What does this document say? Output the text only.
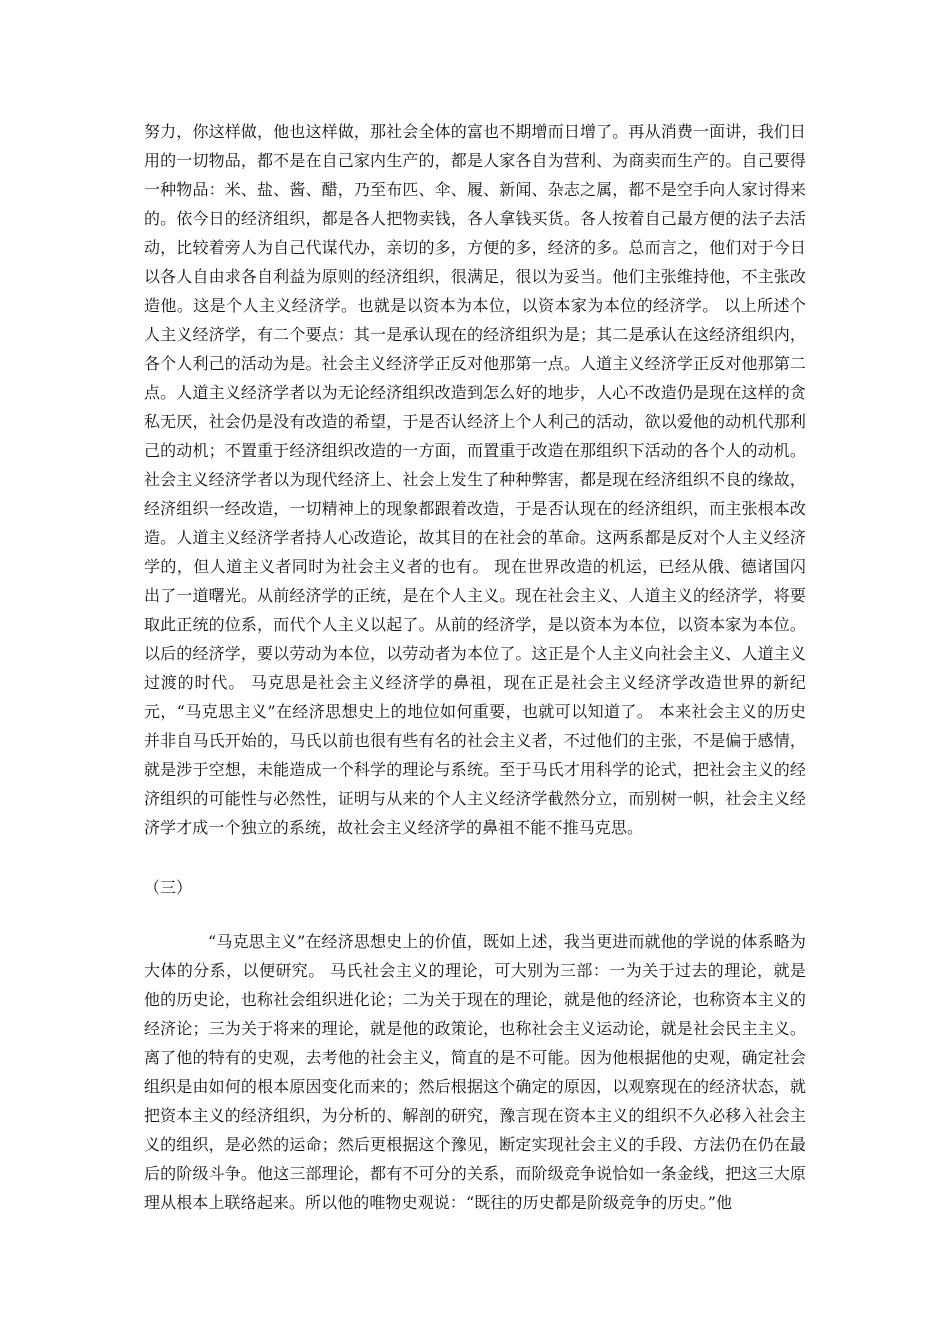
努力，你这样做，他也这样做，那社会全体的富也不期增而日增了。再从消费一面讲，我们日用的一切物品，都不是在自己家内生产的，都是人家各自为营利、为商卖而生产的。自己要得一种物品：米、盐、酱、醋，乃至布匹、伞、履、新闻、杂志之属，都不是空手向人家讨得来的。依今日的经济组织，都是各人把物卖钱，各人拿钱买货。各人按着自己最方便的法子去活动，比较着旁人为自己代谋代办，亲切的多，方便的多，经济的多。总而言之，他们对于今日以各人自由求各自利益为原则的经济组织，很满足，很以为妥当。他们主张维持他，不主张改造他。这是个人主义经济学。也就是以资本为本位，以资本家为本位的经济学。 以上所述个人主义经济学，有二个要点：其一是承认现在的经济组织为是；其二是承认在这经济组织内，各个人利己的活动为是。社会主义经济学正反对他那第一点。人道主义经济学正反对他那第二点。人道主义经济学者以为无论经济组织改造到怎么好的地步，人心不改造仍是现在这样的贪私无厌，社会仍是没有改造的希望，于是否认经济上个人利己的活动，欲以爱他的动机代那利己的动机；不置重于经济组织改造的一方面，而置重于改造在那组织下活动的各个人的动机。社会主义经济学者以为现代经济上、社会上发生了种种弊害，都是现在经济组织不良的缘故，经济组织一经改造，一切精神上的现象都跟着改造，于是否认现在的经济组织，而主张根本改造。人道主义经济学者持人心改造论，故其目的在社会的革命。这两系都是反对个人主义经济学的，但人道主义者同时为社会主义者的也有。 现在世界改造的机运，已经从俄、德诸国闪出了一道曙光。从前经济学的正统，是在个人主义。现在社会主义、人道主义的经济学，将要取此正统的位系，而代个人主义以起了。从前的经济学，是以资本为本位，以资本家为本位。以后的经济学，要以劳动为本位，以劳动者为本位了。这正是个人主义向社会主义、人道主义过渡的时代。 马克思是社会主义经济学的鼻祖，现在正是社会主义经济学改造世界的新纪元，“马克思主义”在经济思想史上的地位如何重要，也就可以知道了。 本来社会主义的历史并非自马氏开始的，马氏以前也很有些有名的社会主义者，不过他们的主张，不是偏于感情，就是涉于空想，未能造成一个科学的理论与系统。至于马氏才用科学的论式，把社会主义的经济组织的可能性与必然性，证明与从来的个人主义经济学截然分立，而别树一帜，社会主义经济学才成一个独立的系统，故社会主义经济学的鼻祖不能不推马克思。

（三）

“马克思主义”在经济思想史上的价值，既如上述，我当更进而就他的学说的体系略为大体的分系，以便研究。 马氏社会主义的理论，可大别为三部：一为关于过去的理论，就是他的历史论，也称社会组织进化论；二为关于现在的理论，就是他的经济论，也称资本主义的经济论；三为关于将来的理论，就是他的政策论，也称社会主义运动论，就是社会民主主义。离了他的特有的史观，去考他的社会主义，简直的是不可能。因为他根据他的史观，确定社会组织是由如何的根本原因变化而来的；然后根据这个确定的原因，以观察现在的经济状态，就把资本主义的经济组织，为分析的、解剖的研究，豫言现在资本主义的组织不久必移入社会主义的组织，是必然的运命；然后更根据这个豫见，断定实现社会主义的手段、方法仍在仍在最后的阶级斗争。他这三部理论，都有不可分的关系，而阶级竞争说恰如一条金线，把这三大原理从根本上联络起来。所以他的唯物史观说：“既往的历史都是阶级竞争的历史。”他
